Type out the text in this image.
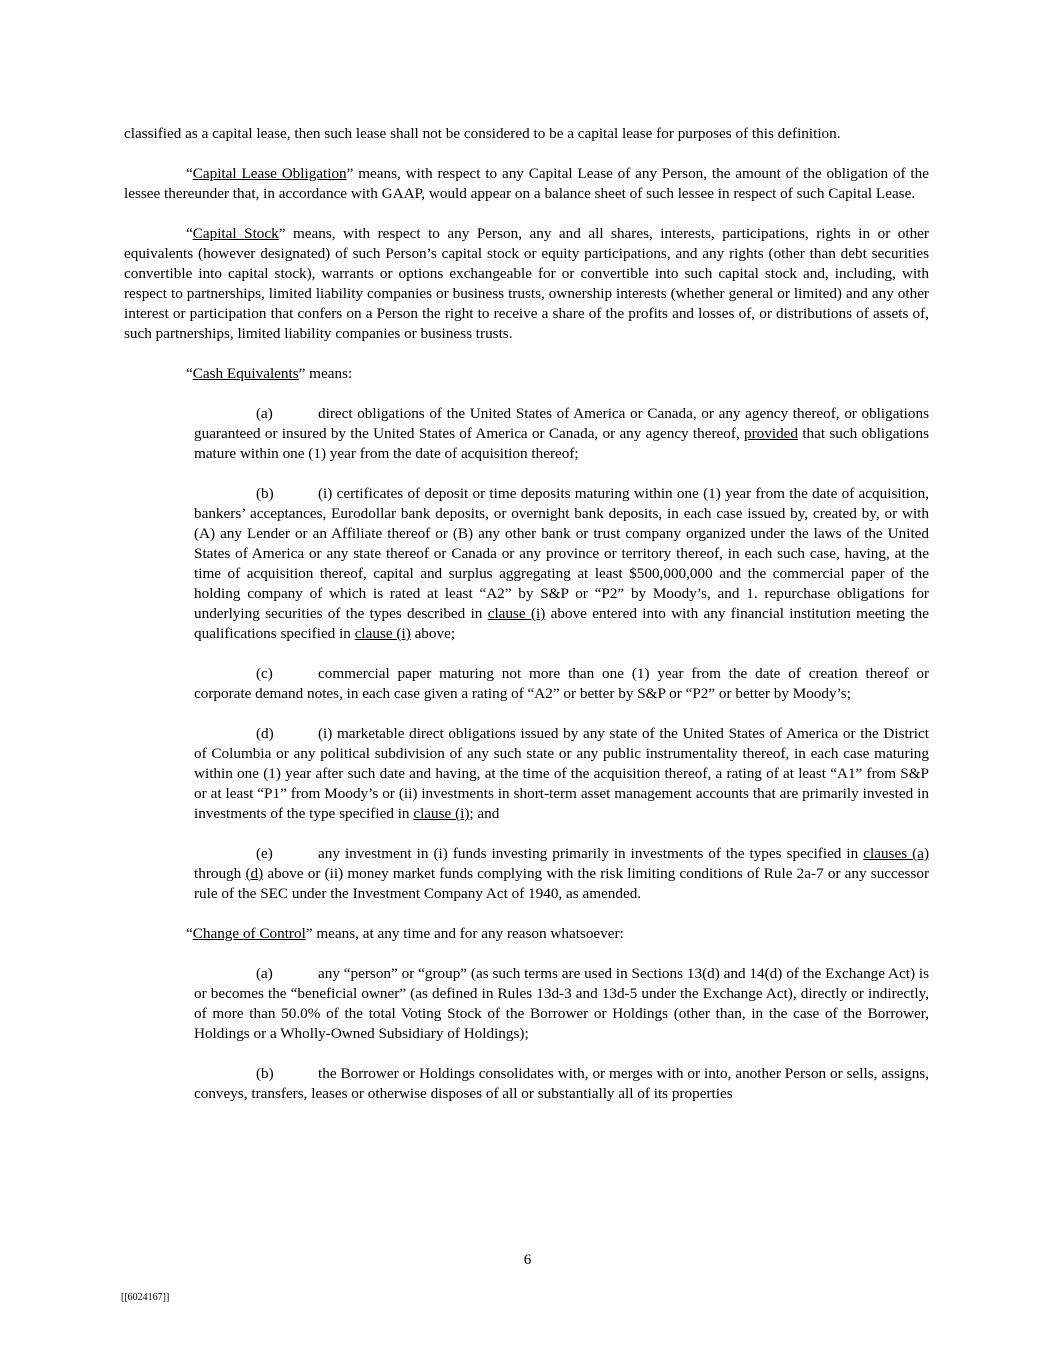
classified as a capital lease, then such lease shall not be considered to be a capital lease for purposes of this definition.

“Capital Lease Obligation” means, with respect to any Capital Lease of any Person, the amount of the obligation of the lessee thereunder that, in accordance with GAAP, would appear on a balance sheet of such lessee in respect of such Capital Lease.

“Capital Stock” means, with respect to any Person, any and all shares, interests, participations, rights in or other equivalents (however designated) of such Person’s capital stock or equity participations, and any rights (other than debt securities convertible into capital stock), warrants or options exchangeable for or convertible into such capital stock and, including, with respect to partnerships, limited liability companies or business trusts, ownership interests (whether general or limited) and any other interest or participation that confers on a Person the right to receive a share of the profits and losses of, or distributions of assets of, such partnerships, limited liability companies or business trusts.

“Cash Equivalents” means:

(a)	direct obligations of the United States of America or Canada, or any agency thereof, or obligations guaranteed or insured by the United States of America or Canada, or any agency thereof, provided that such obligations mature within one (1) year from the date of acquisition thereof;

(b)	(i) certificates of deposit or time deposits maturing within one (1) year from the date of acquisition, bankers’ acceptances, Eurodollar bank deposits, or overnight bank deposits, in each case issued by, created by, or with (A) any Lender or an Affiliate thereof or (B) any other bank or trust company organized under the laws of the United States of America or any state thereof or Canada or any province or territory thereof, in each such case, having, at the time of acquisition thereof, capital and surplus aggregating at least $500,000,000 and the commercial paper of the holding company of which is rated at least “A2” by S&P or “P2” by Moody’s, and 1. repurchase obligations for underlying securities of the types described in clause (i) above entered into with any financial institution meeting the qualifications specified in clause (i) above;

(c)	commercial paper maturing not more than one (1) year from the date of creation thereof or corporate demand notes, in each case given a rating of “A2” or better by S&P or “P2” or better by Moody’s;

(d)	(i) marketable direct obligations issued by any state of the United States of America or the District of Columbia or any political subdivision of any such state or any public instrumentality thereof, in each case maturing within one (1) year after such date and having, at the time of the acquisition thereof, a rating of at least “A1” from S&P or at least “P1” from Moody’s or (ii) investments in short-term asset management accounts that are primarily invested in investments of the type specified in clause (i); and

(e)	any investment in (i) funds investing primarily in investments of the types specified in clauses (a) through (d) above or (ii) money market funds complying with the risk limiting conditions of Rule 2a-7 or any successor rule of the SEC under the Investment Company Act of 1940, as amended.

“Change of Control” means, at any time and for any reason whatsoever:

(a)	any “person” or “group” (as such terms are used in Sections 13(d) and 14(d) of the Exchange Act) is or becomes the “beneficial owner” (as defined in Rules 13d-3 and 13d-5 under the Exchange Act), directly or indirectly, of more than 50.0% of the total Voting Stock of the Borrower or Holdings (other than, in the case of the Borrower, Holdings or a Wholly-Owned Subsidiary of Holdings);

(b)	the Borrower or Holdings consolidates with, or merges with or into, another Person or sells, assigns, conveys, transfers, leases or otherwise disposes of all or substantially all of its properties

6
[[6024167]]
